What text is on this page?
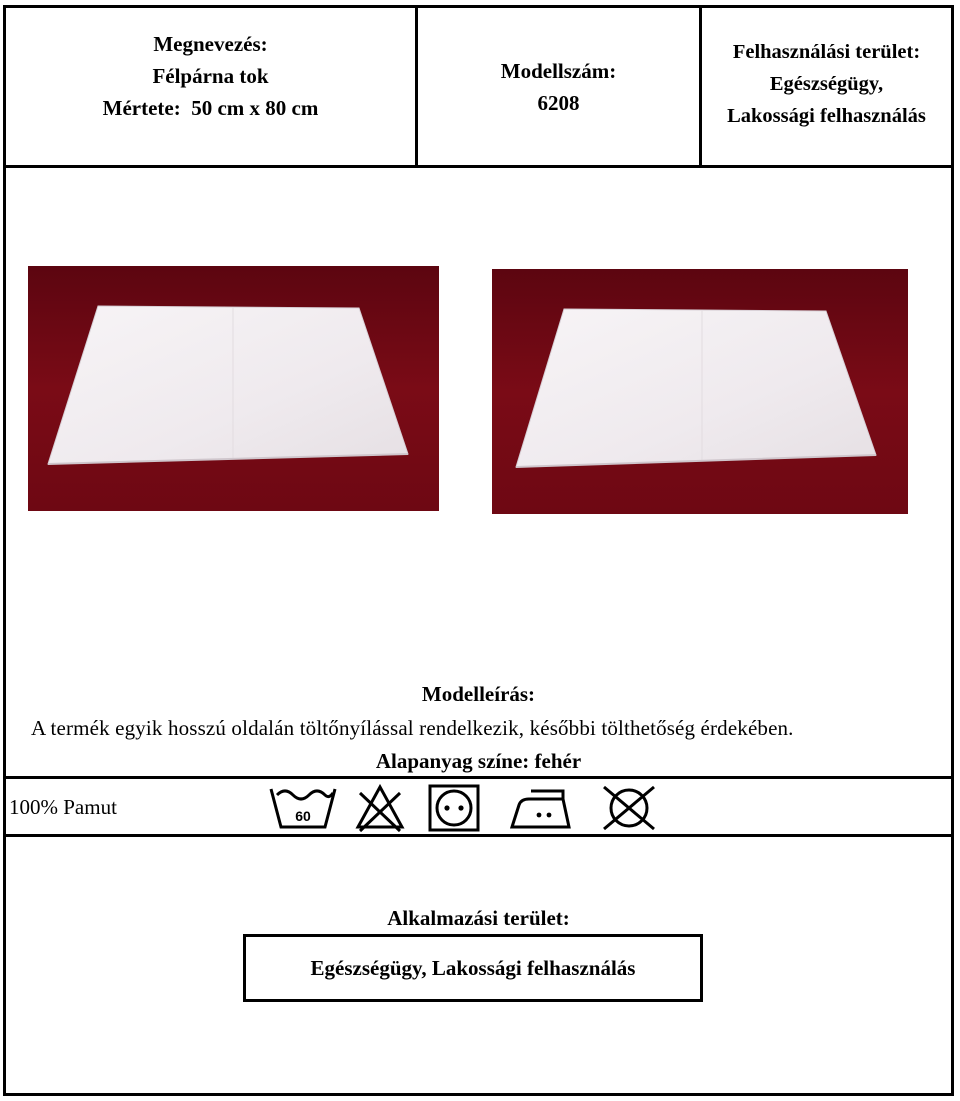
Megnevezés:
Félpárna tok
Mértete: 50 cm x 80 cm
Modellszám:
6208
Felhasználási terület:
Egészségügy,
Lakossági felhasználás
Modelleírás:
A termék egyik hosszú oldalán töltőnyílással rendelkezik, későbbi tölthetőség érdekében.
Alapanyag színe: fehér
100% Pamut	60
Alkalmazási terület:
Egészségügy, Lakossági felhasználás
